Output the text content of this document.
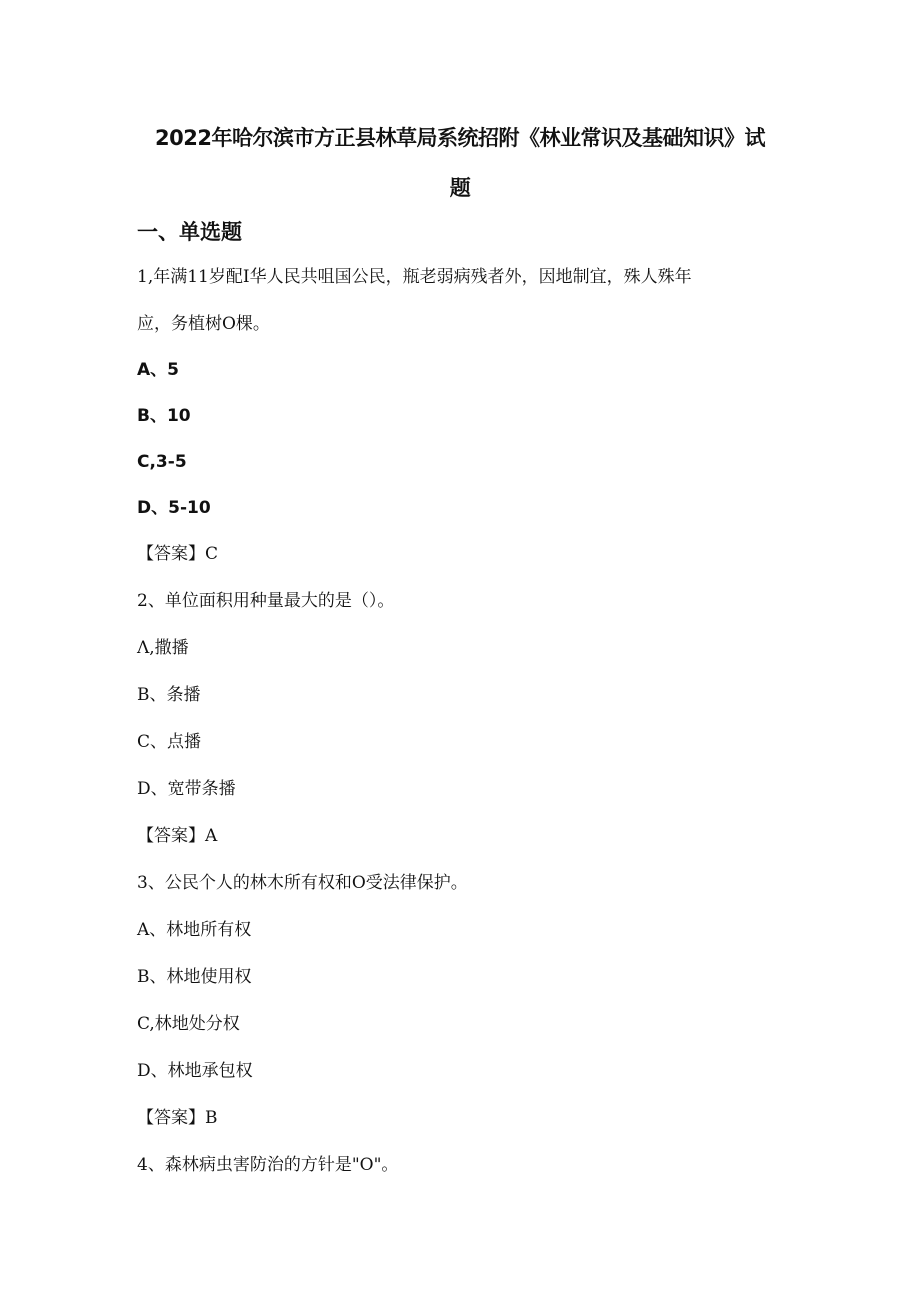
2022年哈尔滨市方正县林草局系统招附《林业常识及基础知识》试
题
一、单选题
1,年满11岁配I华人民共咀国公民，瓶老弱病残者外，因地制宜，殊人殊年
应，务植树O棵。
A、5
B、10
C,3-5
D、5-10
【答案】C
2、单位面积用种量最大的是（）。
Λ,撒播
B、条播
C、点播
D、宽带条播
【答案】A
3、公民个人的林木所有权和O受法律保护。
A、林地所有权
B、林地使用权
C,林地处分权
D、林地承包权
【答案】B
4、森林病虫害防治的方针是"O"。
